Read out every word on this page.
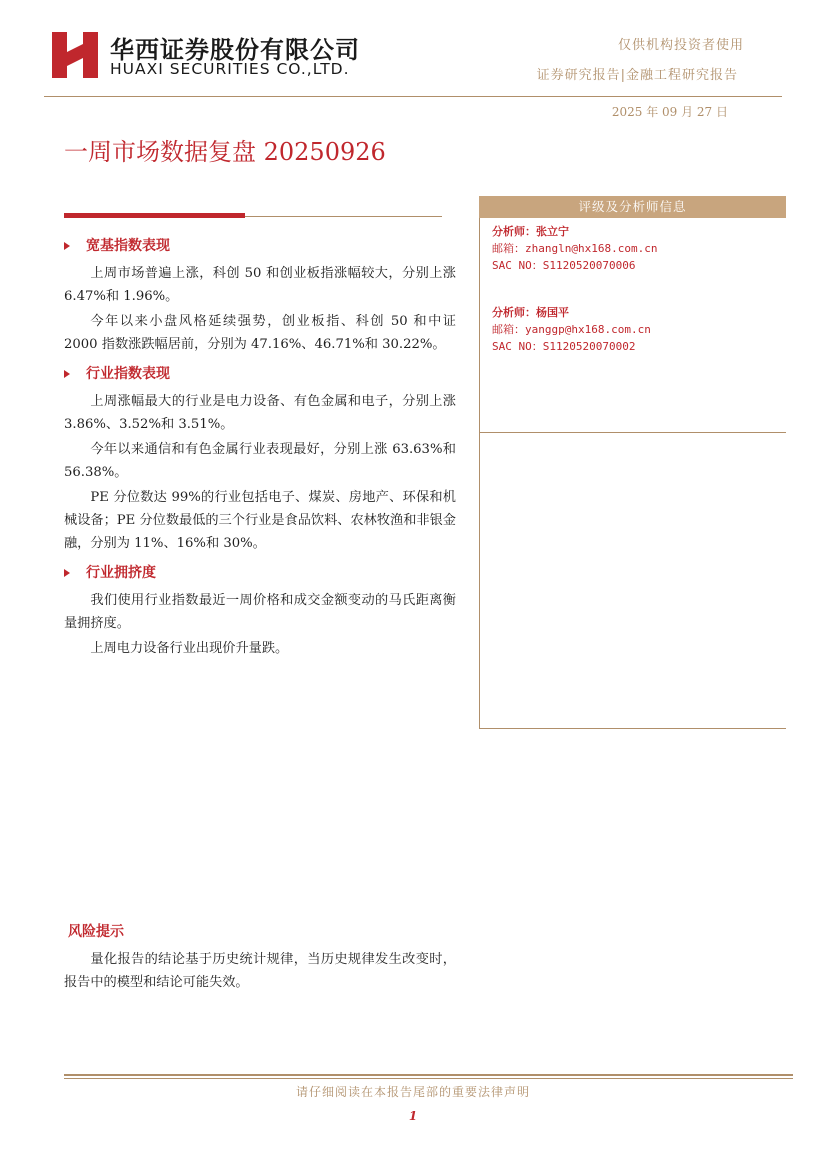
华西证券股份有限公司
HUAXI SECURITIES CO.,LTD.
仅供机构投资者使用
证券研究报告|金融工程研究报告
2025 年 09 月 27 日
一周市场数据复盘 20250926
宽基指数表现
上周市场普遍上涨，科创 50 和创业板指涨幅较大，分别上涨 6.47%和 1.96%。
今年以来小盘风格延续强势，创业板指、科创 50 和中证 2000 指数涨跌幅居前，分别为 47.16%、46.71%和 30.22%。
行业指数表现
上周涨幅最大的行业是电力设备、有色金属和电子，分别上涨 3.86%、3.52%和 3.51%。
今年以来通信和有色金属行业表现最好，分别上涨 63.63%和 56.38%。
PE 分位数达 99%的行业包括电子、煤炭、房地产、环保和机械设备；PE 分位数最低的三个行业是食品饮料、农林牧渔和非银金融，分别为 11%、16%和 30%。
行业拥挤度
我们使用行业指数最近一周价格和成交金额变动的马氏距离衡量拥挤度。
上周电力设备行业出现价升量跌。
评级及分析师信息
分析师：张立宁
邮箱：zhangln@hx168.com.cn
SAC NO：S1120520070006
分析师：杨国平
邮箱：yanggp@hx168.com.cn
SAC NO：S1120520070002
风险提示
量化报告的结论基于历史统计规律，当历史规律发生改变时，报告中的模型和结论可能失效。
请仔细阅读在本报告尾部的重要法律声明
1
